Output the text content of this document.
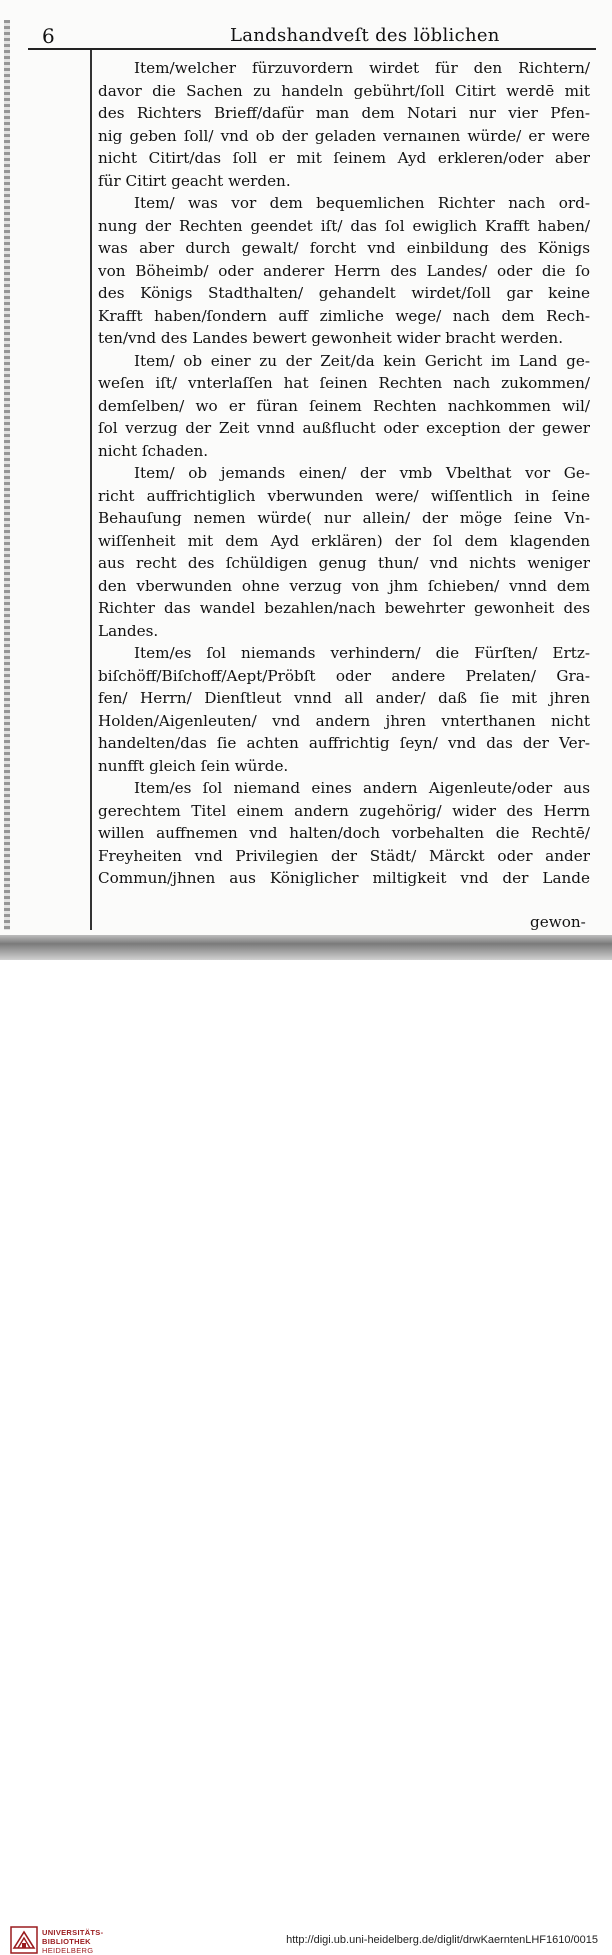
6	Landshandveſt des löblichen
Item/welcher fürzuvordern wirdet für den Richtern/
davor die Sachen zu handeln gebührt/ſoll Citirt werdē mit
des Richters Brieff/dafür man dem Notari nur vier Pfen-
nig geben ſoll/ vnd ob der geladen vernaınen würde/ er were
nicht Citirt/das ſoll er mit ſeinem Ayd erkleren/oder aber
für Citirt geacht werden.
Item/ was vor dem bequemlichen Richter nach ord-
nung der Rechten geendet iſt/ das ſol ewiglich Krafft haben/
was aber durch gewalt/ forcht vnd einbildung des Königs
von Böheimb/ oder anderer Herrn des Landes/ oder die ſo
des Königs Stadthalten/ gehandelt wirdet/ſoll gar keine
Krafft haben/ſondern auff zimliche wege/ nach dem Rech-
ten/vnd des Landes bewert gewonheit wider bracht werden.
Item/ ob einer zu der Zeit/da kein Gericht im Land ge-
weſen iſt/ vnterlaſſen hat ſeinen Rechten nach zukommen/
demſelben/ wo er füran ſeinem Rechten nachkommen wil/
ſol verzug der Zeit vnnd außflucht oder exception der gewer
nicht ſchaden.
Item/ ob jemands einen/ der vmb Vbelthat vor Ge-
richt auffrichtiglich vberwunden were/ wiſſentlich in ſeine
Behauſung nemen würde( nur allein/ der möge ſeine Vn-
wiſſenheit mit dem Ayd erklären) der ſol dem klagenden
aus recht des ſchüldigen genug thun/ vnd nichts weniger
den vberwunden ohne verzug von jhm ſchieben/ vnnd dem
Richter das wandel bezahlen/nach bewehrter gewonheit des
Landes.
Item/es ſol niemands verhindern/ die Fürſten/ Ertz-
biſchöff/Biſchoff/Aept/Pröbſt oder andere Prelaten/ Gra-
fen/ Herrn/ Dienſtleut vnnd all ander/ daß ſie mit jhren
Holden/Aigenleuten/ vnd andern jhren vnterthanen nicht
handelten/das ſie achten auffrichtig ſeyn/ vnd das der Ver-
nunfft gleich ſein würde.
Item/es ſol niemand eines andern Aigenleute/oder aus
gerechtem Titel einem andern zugehörig/ wider des Herrn
willen auffnemen vnd halten/doch vorbehalten die Rechtē/
Freyheiten vnd Privilegien der Städt/ Märckt oder ander
Commun/jhnen aus Königlicher miltigkeit vnd der Lande
gewon-
UNIVERSITÄTS-
BIBLIOTHEK
HEIDELBERG
http://digi.ub.uni-heidelberg.de/diglit/drwKaerntenLHF1610/0015
